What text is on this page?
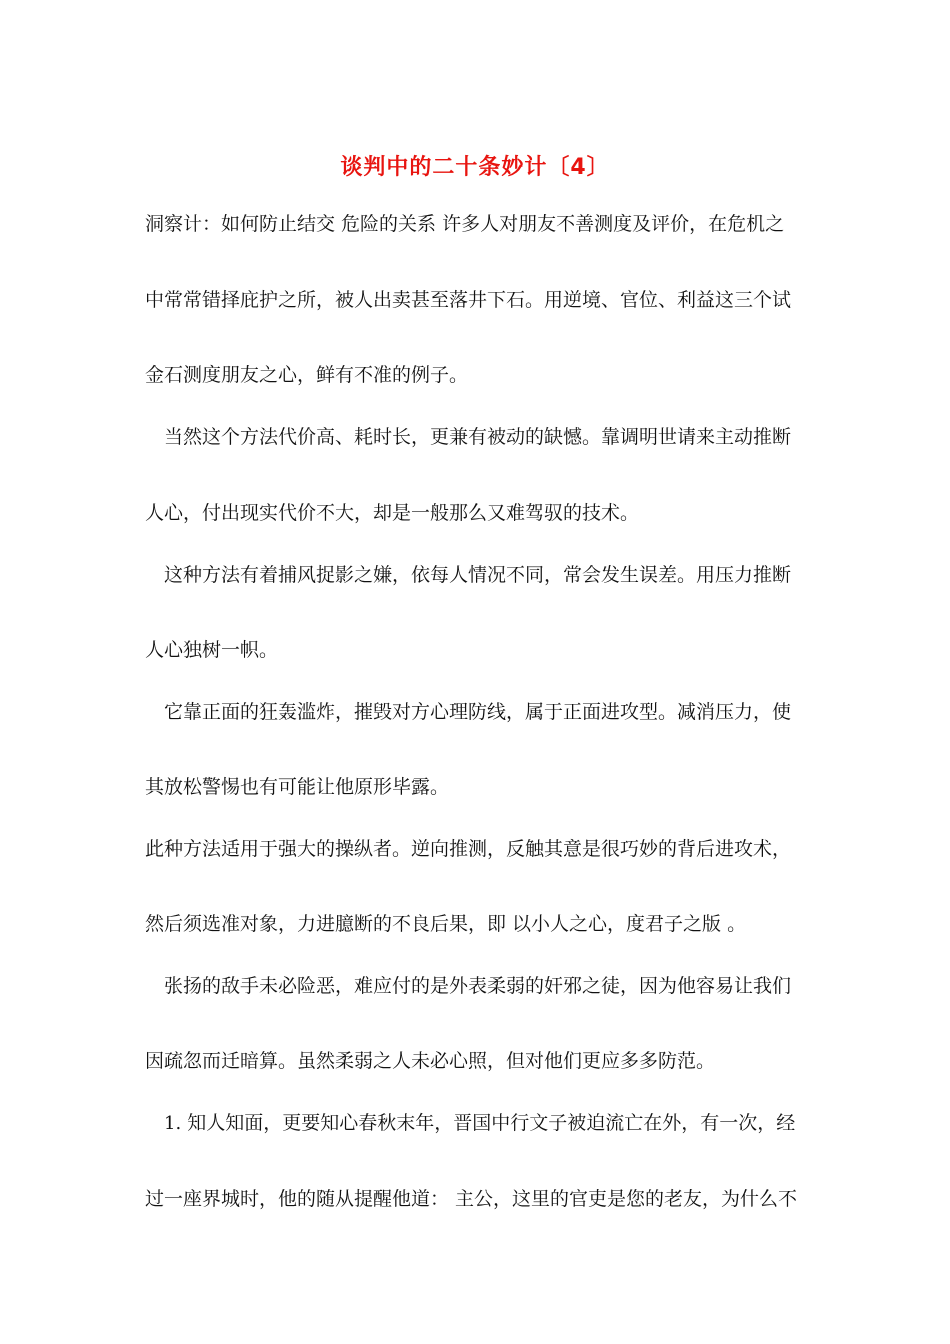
谈判中的二十条妙计〔4〕
洞察计：如何防止结交 危险的关系 许多人对朋友不善测度及评价，在危机之
中常常错择庇护之所，被人出卖甚至落井下石。用逆境、官位、利益这三个试
金石测度朋友之心，鲜有不准的例子。
当然这个方法代价高、耗时长，更兼有被动的缺憾。靠调明世请来主动推断
人心，付出现实代价不大，却是一般那么又难驾驭的技术。
这种方法有着捕风捉影之嫌，依每人情况不同，常会发生误差。用压力推断
人心独树一帜。
它靠正面的狂轰滥炸，摧毁对方心理防线，属于正面进攻型。减消压力，使
其放松警惕也有可能让他原形毕露。
此种方法适用于强大的操纵者。逆向推测，反触其意是很巧妙的背后进攻术，
然后须选准对象，力进臆断的不良后果，即 以小人之心，度君子之版 。
张扬的敌手未必险恶，难应付的是外表柔弱的奸邪之徒，因为他容易让我们
因疏忽而迁暗算。虽然柔弱之人未必心照，但对他们更应多多防范。
1. 知人知面，更要知心春秋末年，晋国中行文子被迫流亡在外，有一次，经
过一座界城时，他的随从提醒他道： 主公，这里的官吏是您的老友，为什么不
